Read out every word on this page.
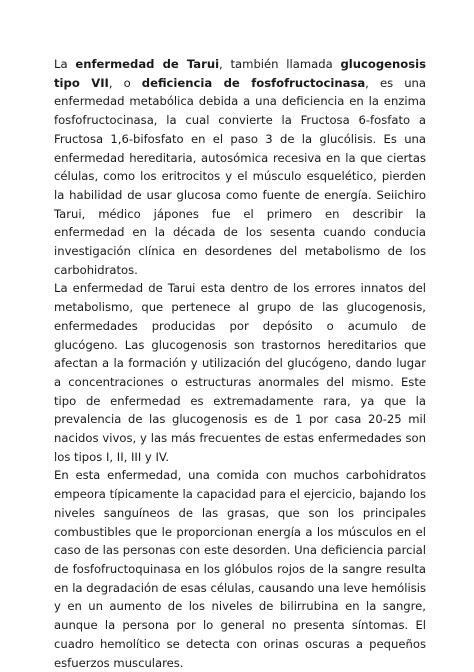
La enfermedad de Tarui, también llamada glucogenosis tipo VII, o deficiencia de fosfofructocinasa, es una enfermedad metabólica debida a una deficiencia en la enzima fosfofructocinasa, la cual convierte la Fructosa 6-fosfato a Fructosa 1,6-bifosfato en el paso 3 de la glucólisis. Es una enfermedad hereditaria, autosómica recesiva en la que ciertas células, como los eritrocitos y el músculo esquelético, pierden la habilidad de usar glucosa como fuente de energía. Seiichiro Tarui, médico jápones fue el primero en describir la enfermedad en la década de los sesenta cuando conducia investigación clínica en desordenes del metabolismo de los carbohidratos.

La enfermedad de Tarui esta dentro de los errores innatos del metabolismo, que pertenece al grupo de las glucogenosis, enfermedades producidas por depósito o acumulo de glucógeno. Las glucogenosis son trastornos hereditarios que afectan a la formación y utilización del glucógeno, dando lugar a concentraciones o estructuras anormales del mismo. Este tipo de enfermedad es extremadamente rara, ya que la prevalencia de las glucogenosis es de 1 por casa 20-25 mil nacidos vivos, y las más frecuentes de estas enfermedades son los tipos I, II, III y IV.

En esta enfermedad, una comida con muchos carbohidratos empeora típicamente la capacidad para el ejercicio, bajando los niveles sanguíneos de las grasas, que son los principales combustibles que le proporcionan energía a los músculos en el caso de las personas con este desorden. Una deficiencia parcial de fosfofructoquinasa en los glóbulos rojos de la sangre resulta en la degradación de esas células, causando una leve hemólisis y en un aumento de los niveles de bilirrubina en la sangre, aunque la persona por lo general no presenta síntomas. El cuadro hemolítico se detecta con orinas oscuras a pequeños esfuerzos musculares.
